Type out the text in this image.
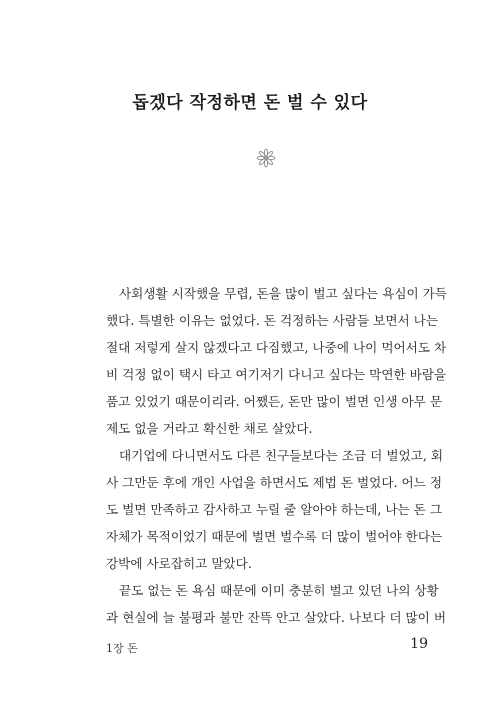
돕겠다 작정하면 돈 벌 수 있다
사회생활 시작했을 무렵, 돈을 많이 벌고 싶다는 욕심이 가득
했다. 특별한 이유는 없었다. 돈 걱정하는 사람들 보면서 나는
절대 저렇게 살지 않겠다고 다짐했고, 나중에 나이 먹어서도 차
비 걱정 없이 택시 타고 여기저기 다니고 싶다는 막연한 바람을
품고 있었기 때문이리라. 어쨌든, 돈만 많이 벌면 인생 아무 문
제도 없을 거라고 확신한 채로 살았다.
대기업에 다니면서도 다른 친구들보다는 조금 더 벌었고, 회
사 그만둔 후에 개인 사업을 하면서도 제법 돈 벌었다. 어느 정
도 벌면 만족하고 감사하고 누릴 줄 알아야 하는데, 나는 돈 그
자체가 목적이었기 때문에 벌면 벌수록 더 많이 벌어야 한다는
강박에 사로잡히고 말았다.
끝도 없는 돈 욕심 때문에 이미 충분히 벌고 있던 나의 상황
과 현실에 늘 불평과 불만 잔뜩 안고 살았다. 나보다 더 많이 버
1장 돈	19
